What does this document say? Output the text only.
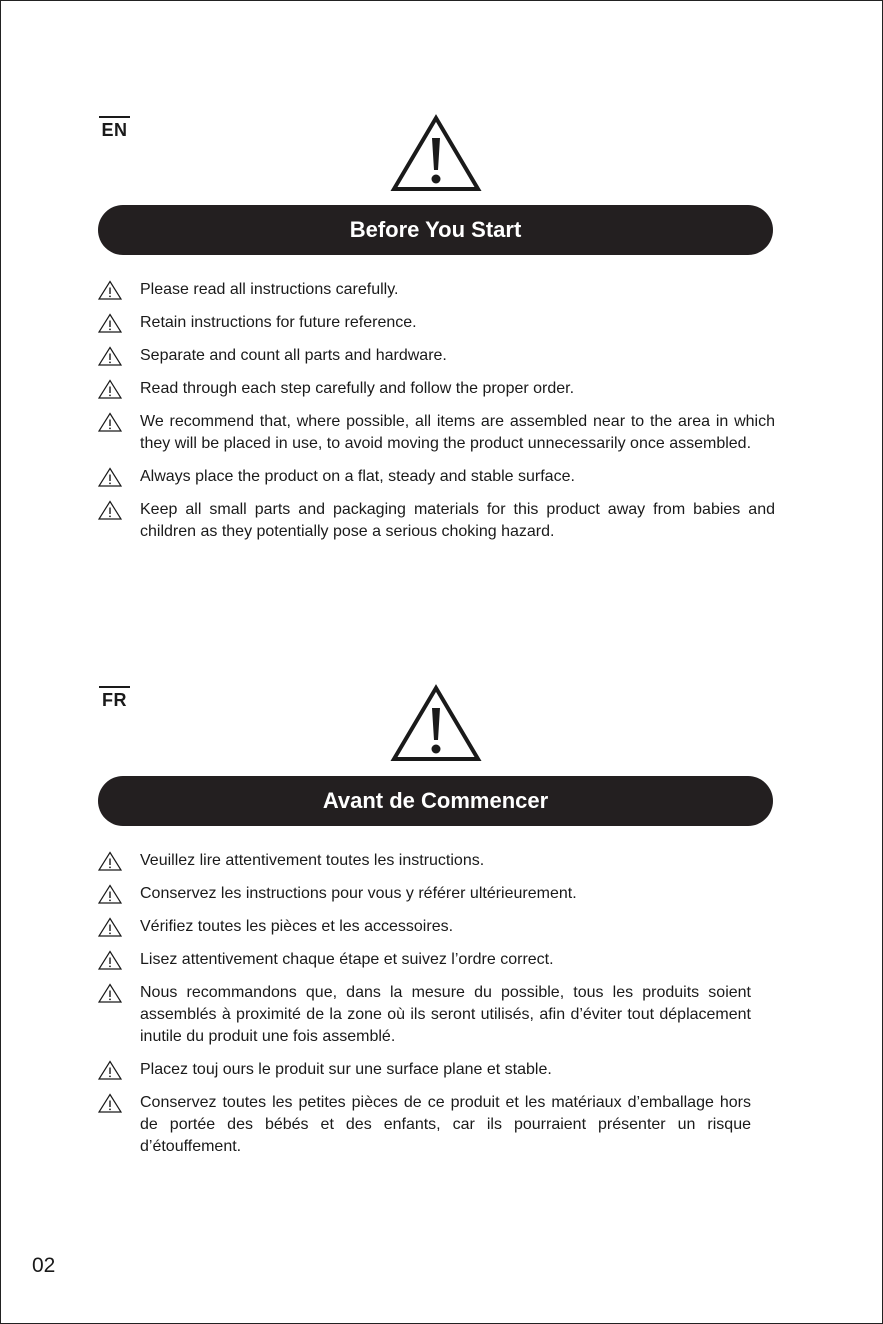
EN
Before You Start
Please read all instructions carefully.
Retain instructions for future reference.
Separate and count all parts and hardware.
Read through each step carefully and follow the proper order.
We recommend that, where possible, all items are assembled near to the area in which they will be placed in use, to avoid moving the product unnecessarily once assembled.
Always place the product on a flat, steady and stable surface.
Keep all small parts and packaging materials for this product away from babies and children as they potentially pose a serious choking hazard.
FR
Avant de Commencer
Veuillez lire attentivement toutes les instructions.
Conservez les instructions pour vous y référer ultérieurement.
Vérifiez toutes les pièces et les accessoires.
Lisez attentivement chaque étape et suivez l’ordre correct.
Nous recommandons que, dans la mesure du possible, tous les produits soient assemblés à proximité de la zone où ils seront utilisés, afin d’éviter tout déplacement inutile du produit une fois assemblé.
Placez touj ours le produit sur une surface plane et stable.
Conservez toutes les petites pièces de ce produit et les matériaux d’emballage hors de portée des bébés et des enfants, car ils pourraient présenter un risque d’étouffement.
02
